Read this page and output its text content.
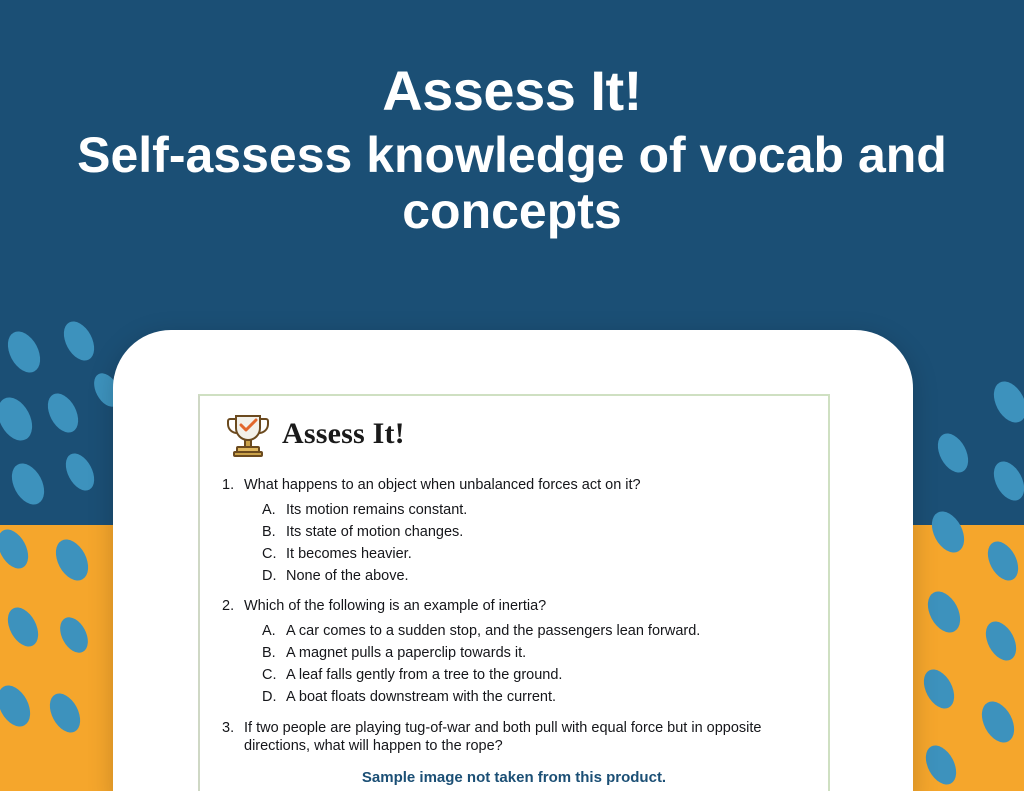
Assess It!
Self-assess knowledge of vocab and concepts
Assess It!
1. What happens to an object when unbalanced forces act on it?
A. Its motion remains constant.
B. Its state of motion changes.
C. It becomes heavier.
D. None of the above.
2. Which of the following is an example of inertia?
A. A car comes to a sudden stop, and the passengers lean forward.
B. A magnet pulls a paperclip towards it.
C. A leaf falls gently from a tree to the ground.
D. A boat floats downstream with the current.
3. If two people are playing tug-of-war and both pull with equal force but in opposite directions, what will happen to the rope?
Sample image not taken from this product.
